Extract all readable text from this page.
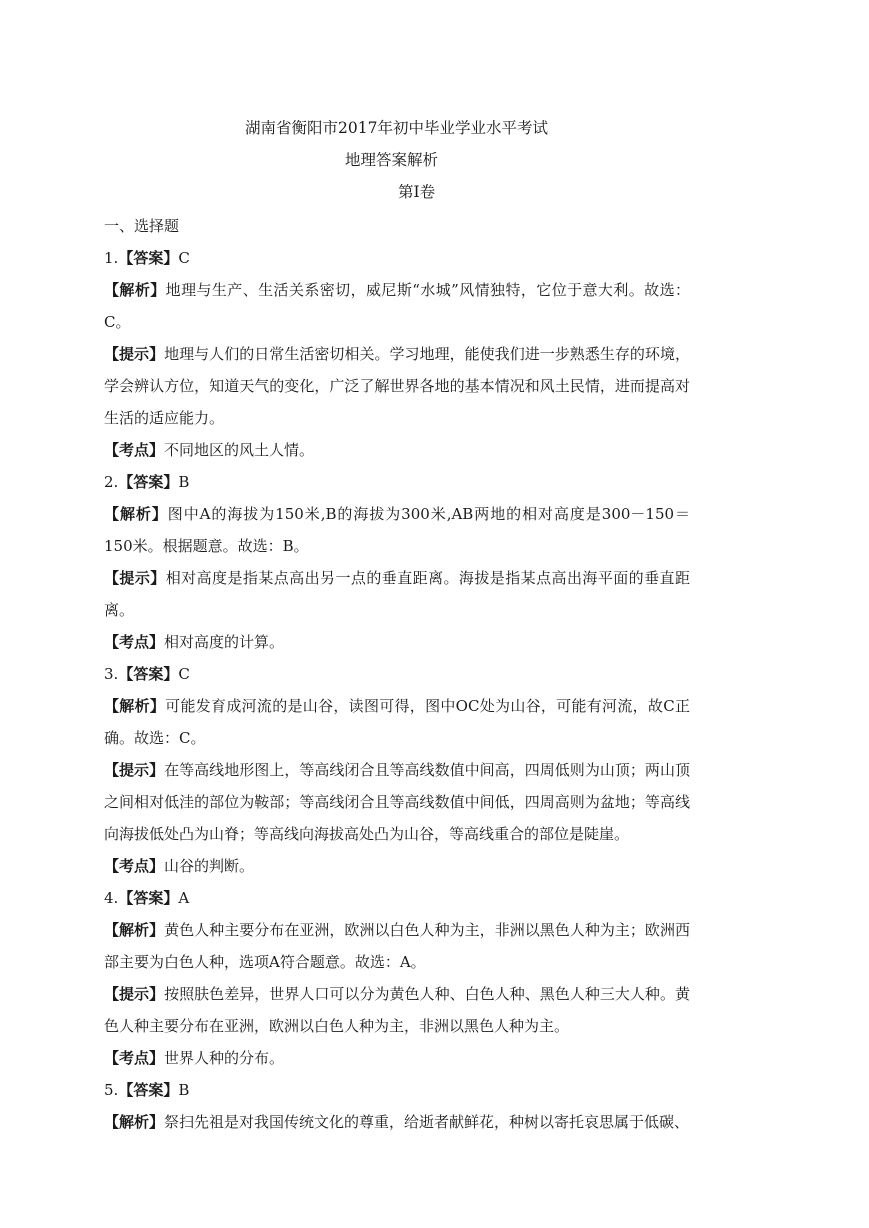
湖南省衡阳市2017年初中毕业学业水平考试
地理答案解析
第Ⅰ卷

一、选择题

1.【答案】C

【解析】地理与生产、生活关系密切，威尼斯“水城”风情独特，它位于意大利。故选：C。

【提示】地理与人们的日常生活密切相关。学习地理，能使我们进一步熟悉生存的环境，学会辨认方位，知道天气的变化，广泛了解世界各地的基本情况和风土民情，进而提高对生活的适应能力。

【考点】不同地区的风土人情。

2.【答案】B

【解析】图中A的海拔为150米,B的海拔为300米,AB两地的相对高度是300－150＝150米。根据题意。故选：B。

【提示】相对高度是指某点高出另一点的垂直距离。海拔是指某点高出海平面的垂直距离。

【考点】相对高度的计算。

3.【答案】C

【解析】可能发育成河流的是山谷，读图可得，图中OC处为山谷，可能有河流，故C正确。故选：C。

【提示】在等高线地形图上，等高线闭合且等高线数值中间高，四周低则为山顶；两山顶之间相对低洼的部位为鞍部；等高线闭合且等高线数值中间低，四周高则为盆地；等高线向海拔低处凸为山脊；等高线向海拔高处凸为山谷，等高线重合的部位是陡崖。

【考点】山谷的判断。

4.【答案】A

【解析】黄色人种主要分布在亚洲，欧洲以白色人种为主，非洲以黑色人种为主；欧洲西部主要为白色人种，选项A符合题意。故选：A。

【提示】按照肤色差异，世界人口可以分为黄色人种、白色人种、黑色人种三大人种。黄色人种主要分布在亚洲，欧洲以白色人种为主，非洲以黑色人种为主。

【考点】世界人种的分布。

5.【答案】B

【解析】祭扫先祖是对我国传统文化的尊重，给逝者献鲜花，种树以寄托哀思属于低碳、
